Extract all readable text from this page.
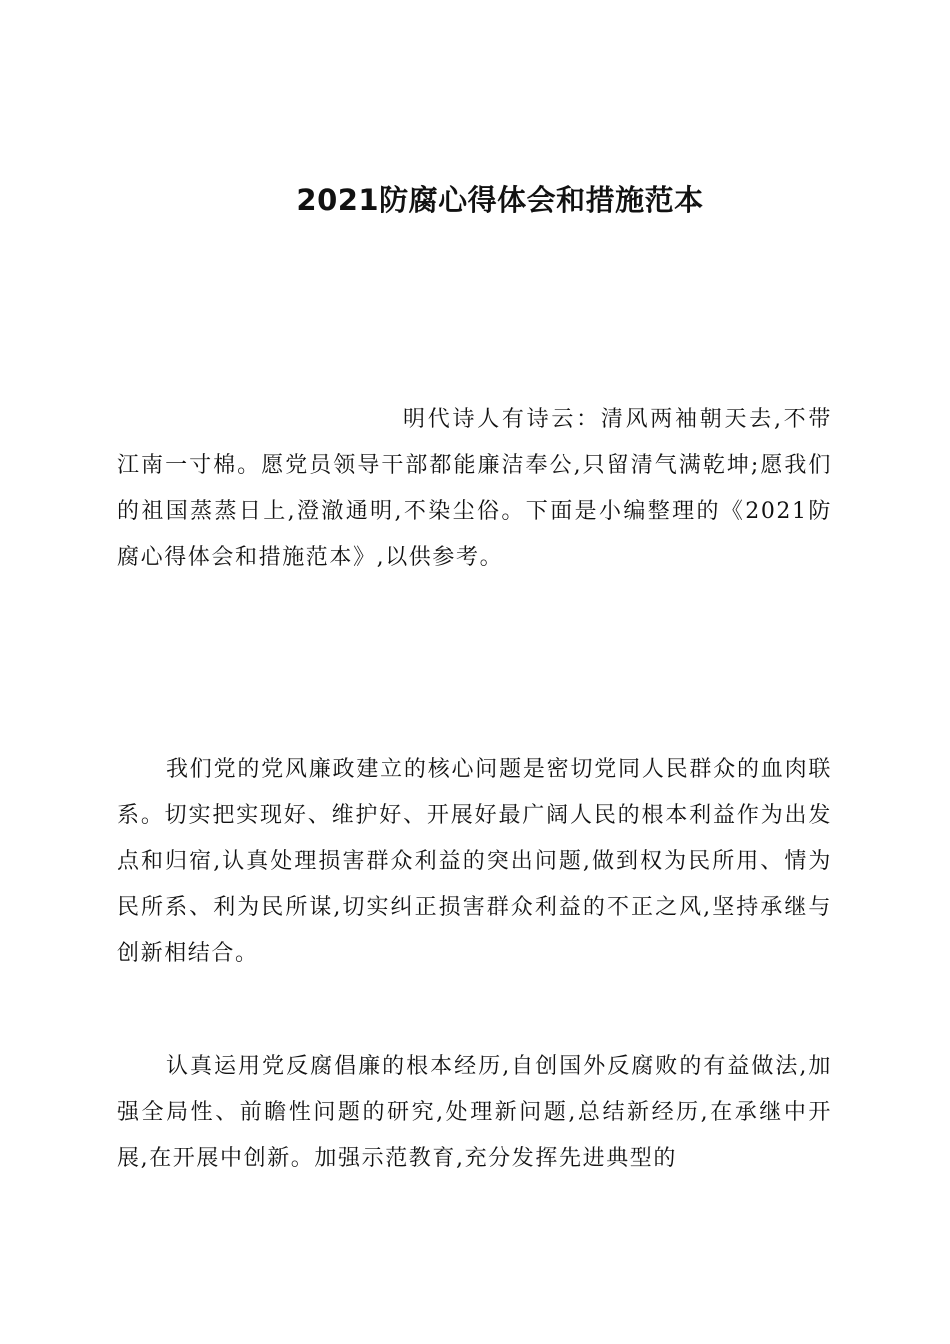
2021防腐心得体会和措施范本

明代诗人有诗云：清风两袖朝天去,不带江南一寸棉。愿党员领导干部都能廉洁奉公,只留清气满乾坤;愿我们的祖国蒸蒸日上,澄澈通明,不染尘俗。下面是小编整理的《2021防腐心得体会和措施范本》,以供参考。

我们党的党风廉政建立的核心问题是密切党同人民群众的血肉联系。切实把实现好、维护好、开展好最广阔人民的根本利益作为出发点和归宿,认真处理损害群众利益的突出问题,做到权为民所用、情为民所系、利为民所谋,切实纠正损害群众利益的不正之风,坚持承继与创新相结合。

认真运用党反腐倡廉的根本经历,自创国外反腐败的有益做法,加强全局性、前瞻性问题的研究,处理新问题,总结新经历,在承继中开展,在开展中创新。加强示范教育,充分发挥先进典型的
